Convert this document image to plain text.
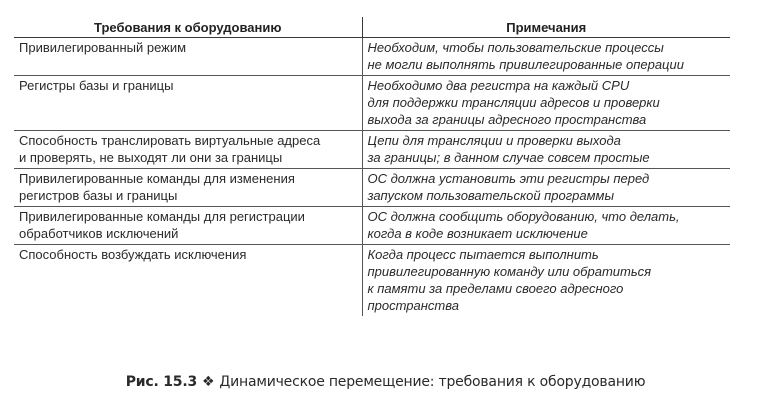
Требования к оборудованию	Примечания

Привилегированный режим	Необходим, чтобы пользовательские процессы
не могли выполнять привилегированные операции

Регистры базы и границы	Необходимо два регистра на каждый CPU
для поддержки трансляции адресов и проверки
выхода за границы адресного пространства

Способность транслировать виртуальные адреса
и проверять, не выходят ли они за границы	Цепи для трансляции и проверки выхода
за границы; в данном случае совсем простые

Привилегированные команды для изменения
регистров базы и границы	ОС должна установить эти регистры перед
запуском пользовательской программы

Привилегированные команды для регистрации
обработчиков исключений	ОС должна сообщить оборудованию, что делать,
когда в коде возникает исключение

Способность возбуждать исключения	Когда процесс пытается выполнить
привилегированную команду или обратиться
к памяти за пределами своего адресного
пространства
Рис. 15.3 ❖ Динамическое перемещение: требования к оборудованию
